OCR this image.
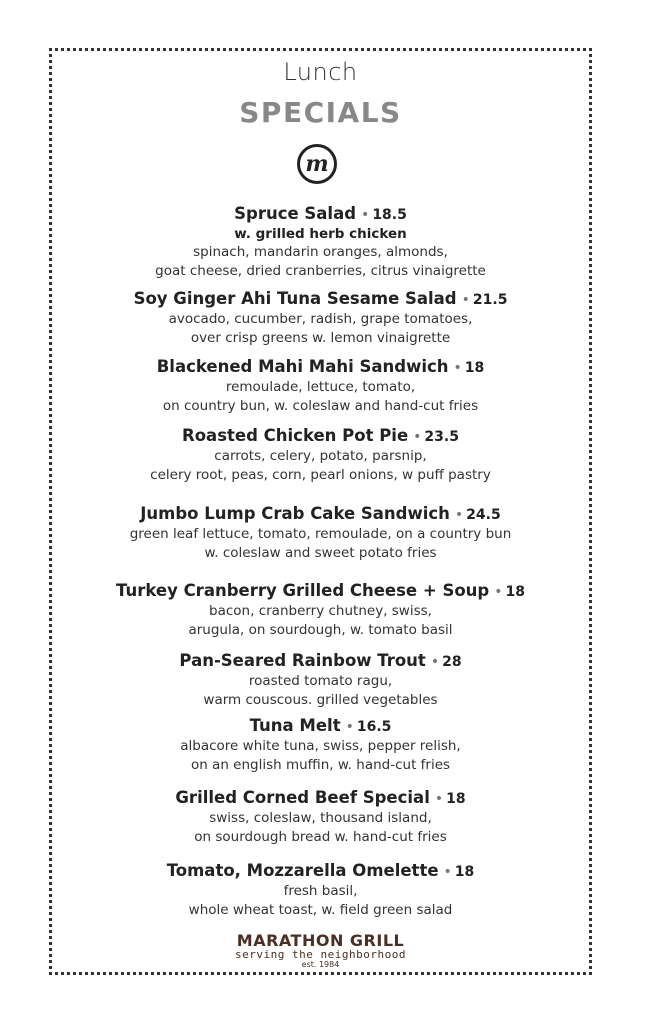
Lunch
SPECIALS
m
Spruce Salad • 18.5
w. grilled herb chicken
spinach, mandarin oranges, almonds,
goat cheese, dried cranberries, citrus vinaigrette
Soy Ginger Ahi Tuna Sesame Salad • 21.5
avocado, cucumber, radish, grape tomatoes,
over crisp greens w. lemon vinaigrette
Blackened Mahi Mahi Sandwich • 18
remoulade, lettuce, tomato,
on country bun, w. coleslaw and hand-cut fries
Roasted Chicken Pot Pie • 23.5
carrots, celery, potato, parsnip,
celery root, peas, corn, pearl onions, w puff pastry
Jumbo Lump Crab Cake Sandwich • 24.5
green leaf lettuce, tomato, remoulade, on a country bun
w. coleslaw and sweet potato fries
Turkey Cranberry Grilled Cheese + Soup • 18
bacon, cranberry chutney, swiss,
arugula, on sourdough, w. tomato basil
Pan-Seared Rainbow Trout • 28
roasted tomato ragu,
warm couscous. grilled vegetables
Tuna Melt • 16.5
albacore white tuna, swiss, pepper relish,
on an english muffin, w. hand-cut fries
Grilled Corned Beef Special • 18
swiss, coleslaw, thousand island,
on sourdough bread w. hand-cut fries
Tomato, Mozzarella Omelette • 18
fresh basil,
whole wheat toast, w. field green salad
MARATHON GRILL
serving the neighborhood
est. 1984
